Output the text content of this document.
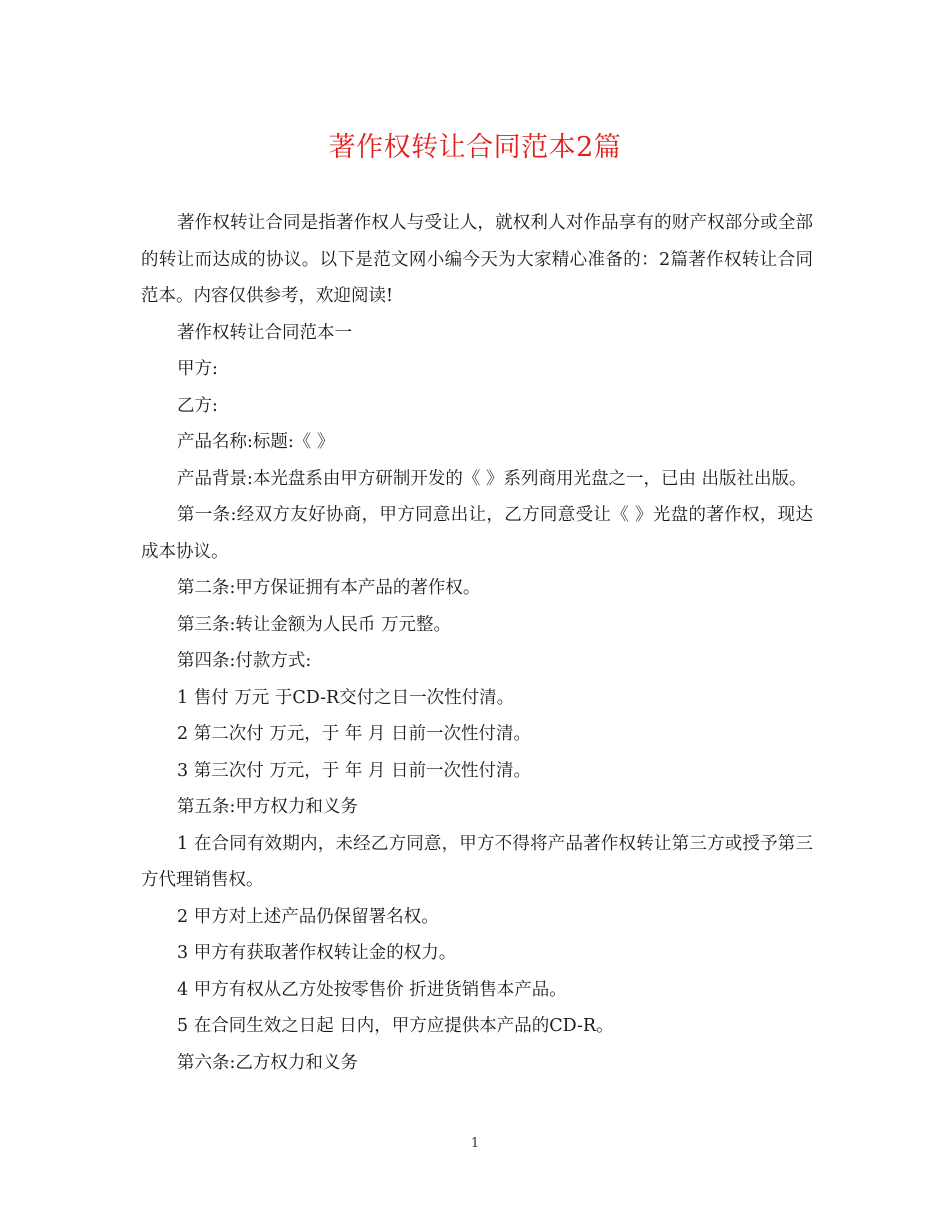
著作权转让合同范本2篇

著作权转让合同是指著作权人与受让人，就权利人对作品享有的财产权部分或全部的转让而达成的协议。以下是范文网小编今天为大家精心准备的：2篇著作权转让合同范本。内容仅供参考，欢迎阅读!

著作权转让合同范本一

甲方:

乙方:

产品名称:标题:《 》

产品背景:本光盘系由甲方研制开发的《 》系列商用光盘之一，已由 出版社出版。

第一条:经双方友好协商，甲方同意出让，乙方同意受让《 》光盘的著作权，现达成本协议。

第二条:甲方保证拥有本产品的著作权。

第三条:转让金额为人民币 万元整。

第四条:付款方式:

1 售付 万元 于CD-R交付之日一次性付清。

2 第二次付 万元，于 年 月 日前一次性付清。

3 第三次付 万元，于 年 月 日前一次性付清。

第五条:甲方权力和义务

1 在合同有效期内，未经乙方同意，甲方不得将产品著作权转让第三方或授予第三方代理销售权。

2 甲方对上述产品仍保留署名权。

3 甲方有获取著作权转让金的权力。

4 甲方有权从乙方处按零售价 折进货销售本产品。

5 在合同生效之日起 日内，甲方应提供本产品的CD-R。

第六条:乙方权力和义务

1
